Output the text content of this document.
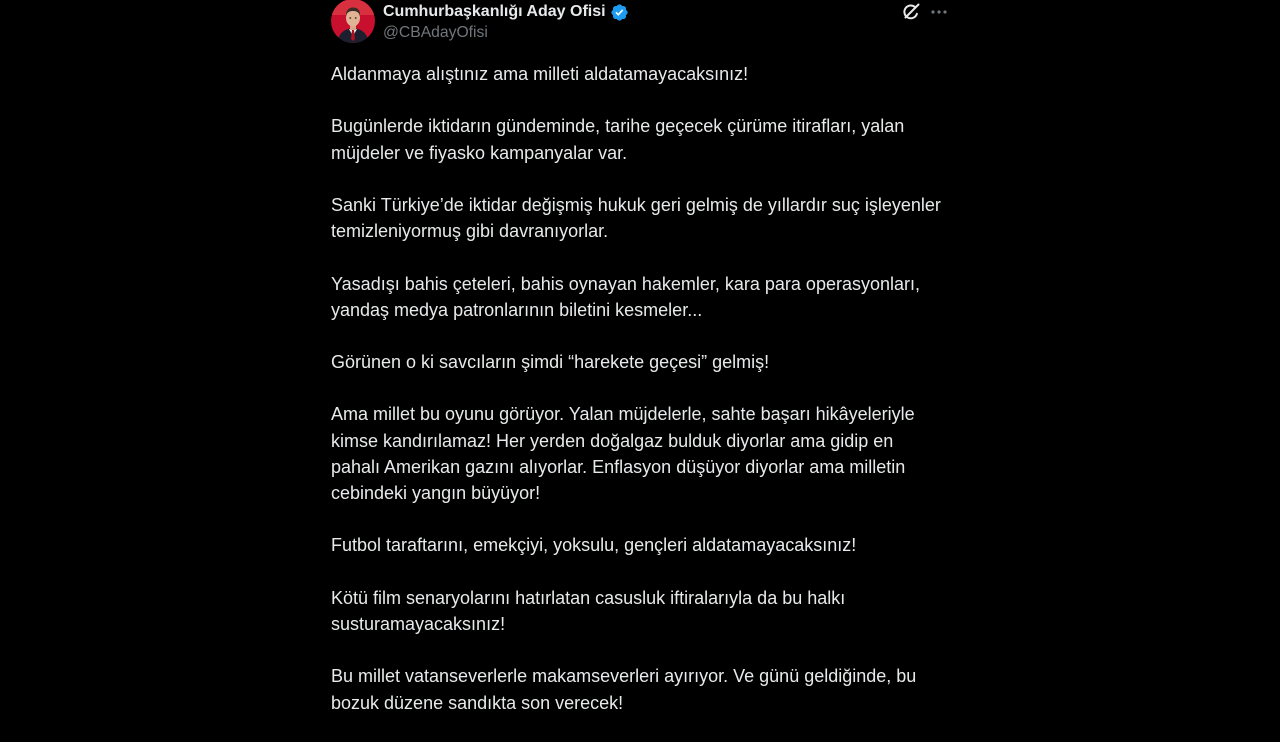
Cumhurbaşkanlığı Aday Ofisi
@CBAdayOfisi
Aldanmaya alıştınız ama milleti aldatamayacaksınız!
Bugünlerde iktidarın gündeminde, tarihe geçecek çürüme itirafları, yalan
müjdeler ve fiyasko kampanyalar var.
Sanki Türkiye’de iktidar değişmiş hukuk geri gelmiş de yıllardır suç işleyenler
temizleniyormuş gibi davranıyorlar.
Yasadışı bahis çeteleri, bahis oynayan hakemler, kara para operasyonları,
yandaş medya patronlarının biletini kesmeler...
Görünen o ki savcıların şimdi “harekete geçesi” gelmiş!
Ama millet bu oyunu görüyor. Yalan müjdelerle, sahte başarı hikâyeleriyle
kimse kandırılamaz! Her yerden doğalgaz bulduk diyorlar ama gidip en
pahalı Amerikan gazını alıyorlar. Enflasyon düşüyor diyorlar ama milletin
cebindeki yangın büyüyor!
Futbol taraftarını, emekçiyi, yoksulu, gençleri aldatamayacaksınız!
Kötü film senaryolarını hatırlatan casusluk iftiralarıyla da bu halkı
susturamayacaksınız!
Bu millet vatanseverlerle makamseverleri ayırıyor. Ve günü geldiğinde, bu
bozuk düzene sandıkta son verecek!
